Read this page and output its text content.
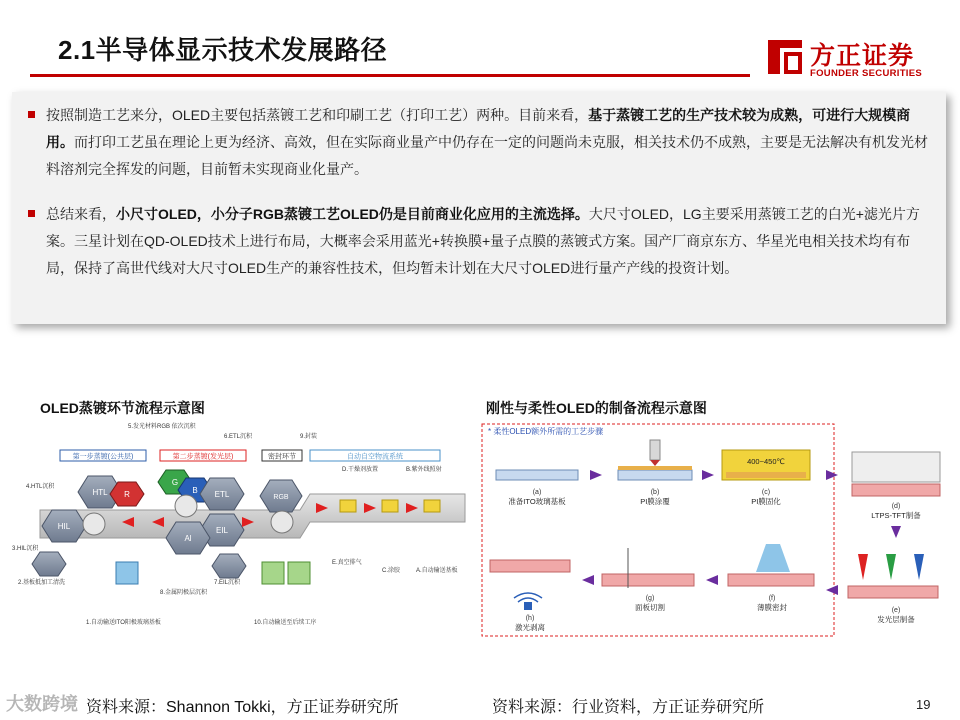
2.1半导体显示技术发展路径	方正证券
FOUNDER SECURITIES
按照制造工艺来分，OLED主要包括蒸镀工艺和印刷工艺（打印工艺）两种。目前来看，基于蒸镀工艺的生产技术较为成熟，可进行大规模商用。而打印工艺虽在理论上更为经济、高效，但在实际商业量产中仍存在一定的问题尚未克服，相关技术仍不成熟，主要是无法解决有机发光材料溶剂完全挥发的问题，目前暂未实现商业化量产。
总结来看，小尺寸OLED，小分子RGB蒸镀工艺OLED仍是目前商业化应用的主流选择。大尺寸OLED，LG主要采用蒸镀工艺的白光+滤光片方案。三星计划在QD-OLED技术上进行布局，大概率会采用蓝光+转换膜+量子点膜的蒸镀式方案。国产厂商京东方、华星光电相关技术均有布局，保持了高世代线对大尺寸OLED生产的兼容性技术，但均暂未计划在大尺寸OLED进行量产产线的投资计划。
OLED蒸镀环节流程示意图	刚性与柔性OLED的制备流程示意图
第一步蒸镀(公共层)	第二步蒸镀(发光层)	密封环节	自动自空物流系统
5.发光材料RGB 依次沉积
6.ETL沉积	9.封装
D.干燥剂放置	B.紫外线照射
4.HTL沉积
HTL
HIL
R
G
B ETL
EIL
Al
RGB
3.HIL沉积
E.真空排气
C.涂胶	A.自动输送基板
2.基板抵加工清洗	7.EIL沉积
8.金属阴极层沉积
1.自动输送ITO阳极玻璃基板	10.自动输送至后续工序
* 柔性OLED额外所需的工艺步骤
(a)
准备ITO玻璃基板
(b)
PI膜涂覆
400~450℃
(c)
PI膜固化
(d)
LTPS-TFT制备
(e)
发光层制备
(f)
薄膜密封
(g)
面板切割
(h)
激光剥离
大数跨境 资料来源：Shannon Tokki，方正证券研究所	资料来源：行业资料，方正证券研究所	19
